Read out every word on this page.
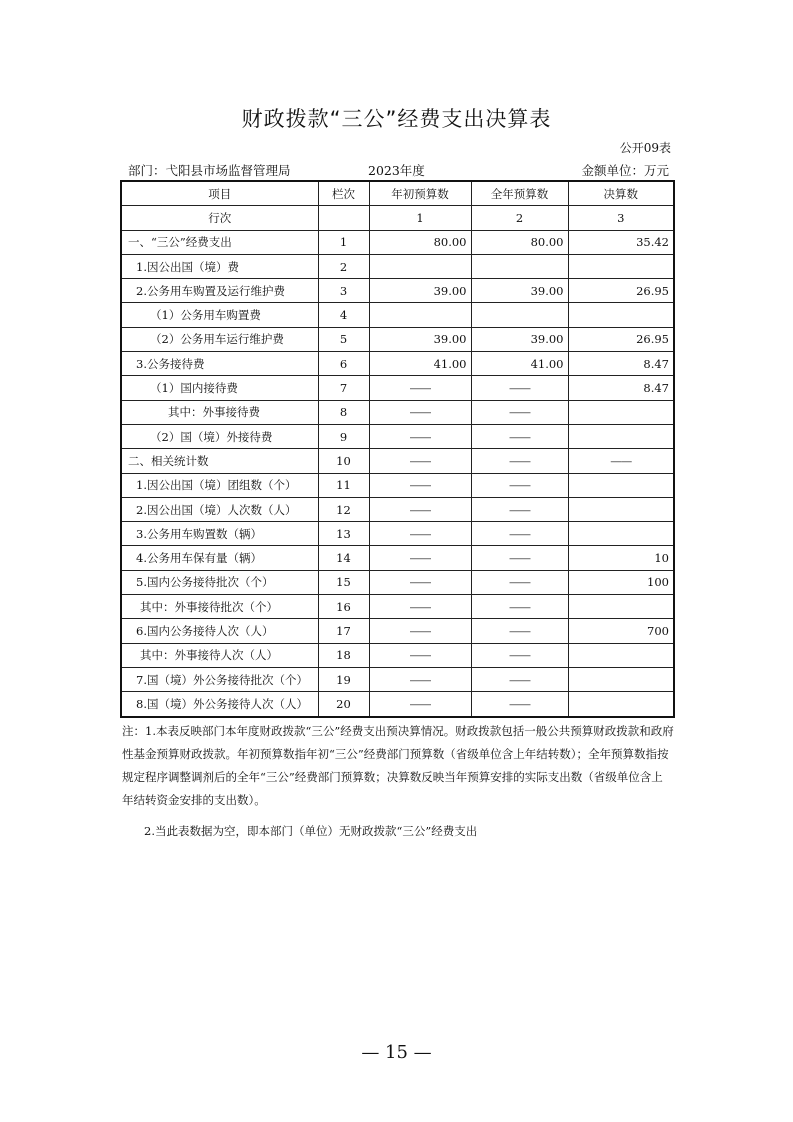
财政拨款“三公”经费支出决算表
公开09表
部门：弋阳县市场监督管理局	2023年度	金额单位：万元
项目	栏次	年初预算数	全年预算数	决算数
行次		1	2	3
一、“三公”经费支出	1	80.00	80.00	35.42
1.因公出国（境）费	2			
2.公务用车购置及运行维护费	3	39.00	39.00	26.95
（1）公务用车购置费	4			
（2）公务用车运行维护费	5	39.00	39.00	26.95
3.公务接待费	6	41.00	41.00	8.47
（1）国内接待费	7	——	——	8.47
其中：外事接待费	8	——	——	
（2）国（境）外接待费	9	——	——	
二、相关统计数	10	——	——	——
1.因公出国（境）团组数（个）	11	——	——	
2.因公出国（境）人次数（人）	12	——	——	
3.公务用车购置数（辆）	13	——	——	
4.公务用车保有量（辆）	14	——	——	10
5.国内公务接待批次（个）	15	——	——	100
其中：外事接待批次（个）	16	——	——	
6.国内公务接待人次（人）	17	——	——	700
其中：外事接待人次（人）	18	——	——	
7.国（境）外公务接待批次（个）	19	——	——	
8.国（境）外公务接待人次（人）	20	——	——	

注：1.本表反映部门本年度财政拨款“三公”经费支出预决算情况。财政拨款包括一般公共预算财政拨款和政府性基金预算财政拨款。年初预算数指年初“三公”经费部门预算数（省级单位含上年结转数）；全年预算数指按规定程序调整调剂后的全年“三公”经费部门预算数；决算数反映当年预算安排的实际支出数（省级单位含上年结转资金安排的支出数）。

2.当此表数据为空，即本部门（单位）无财政拨款“三公”经费支出

— 15 —
